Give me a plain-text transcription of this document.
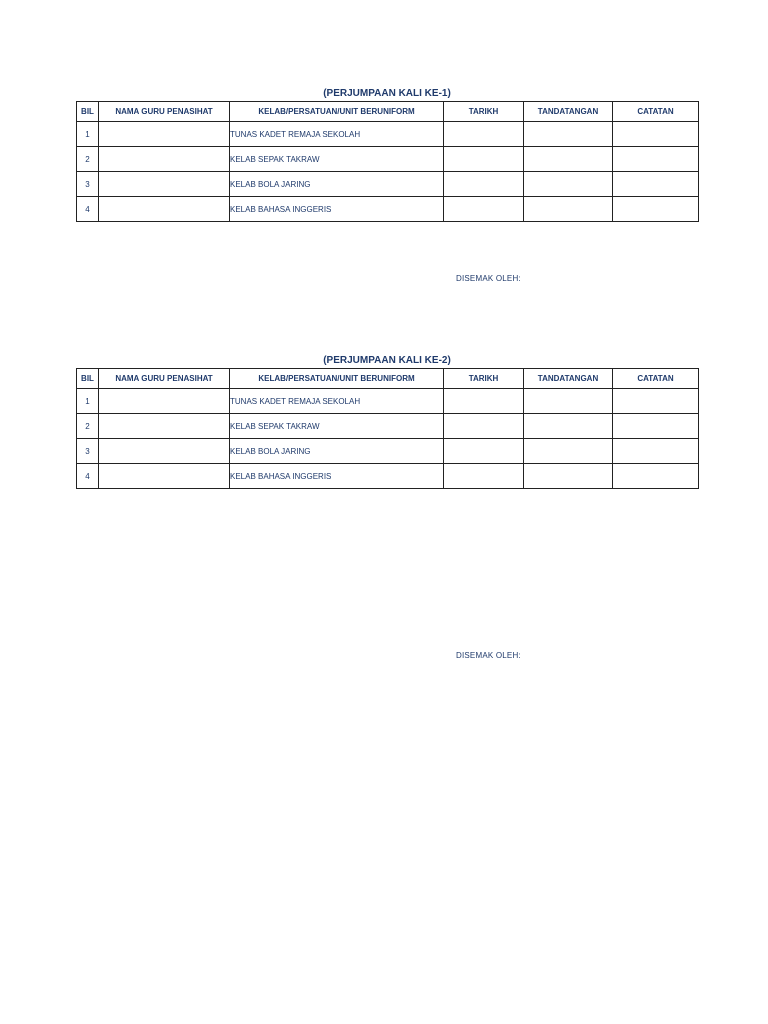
(PERJUMPAAN KALI KE-1)
BIL	NAMA GURU PENASIHAT	KELAB/PERSATUAN/UNIT BERUNIFORM	TARIKH	TANDATANGAN	CATATAN
1		TUNAS KADET REMAJA SEKOLAH			
2		KELAB SEPAK TAKRAW			
3		KELAB BOLA JARING			
4		KELAB BAHASA INGGERIS			
DISEMAK OLEH:
(PERJUMPAAN KALI KE-2)
BIL	NAMA GURU PENASIHAT	KELAB/PERSATUAN/UNIT BERUNIFORM	TARIKH	TANDATANGAN	CATATAN
1		TUNAS KADET REMAJA SEKOLAH			
2		KELAB SEPAK TAKRAW			
3		KELAB BOLA JARING			
4		KELAB BAHASA INGGERIS			
DISEMAK OLEH:
